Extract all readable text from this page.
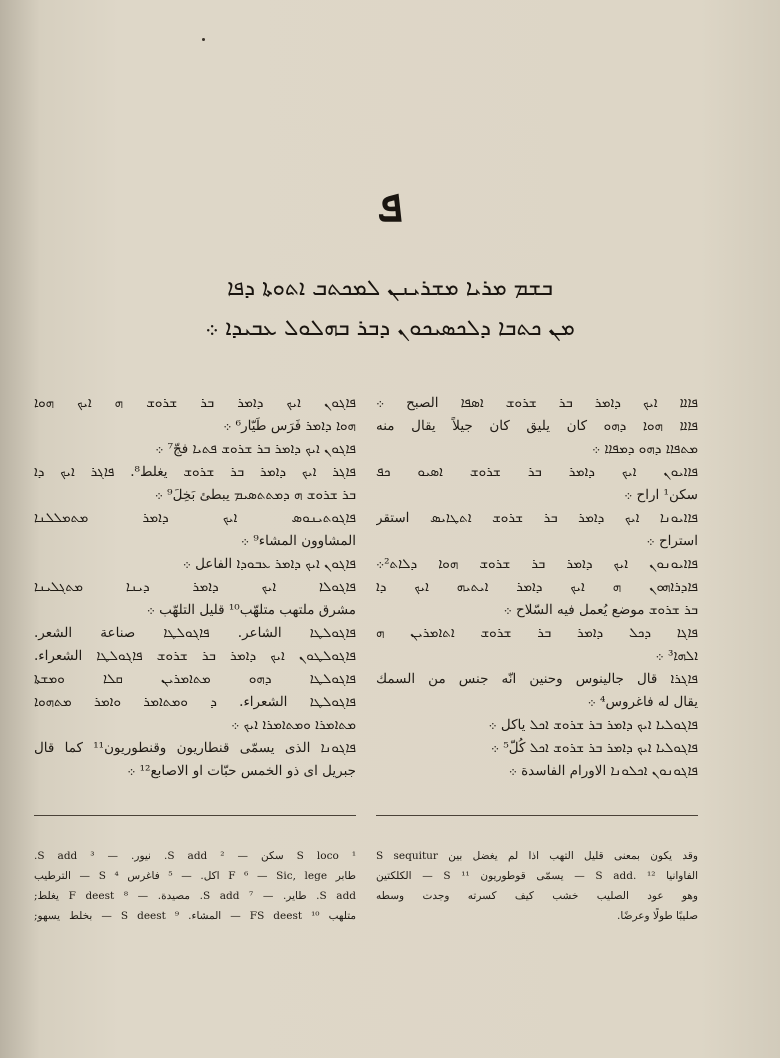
ܦ
ܒܫܡ ܡܪܝܐ ܡܫܪܝܢܢ ܠܡܟܬܒ ܐܬܘܬܐ ܕܦܐ
ܡܢ ܟܬܒܐ ܕܠܟܣܝܟܘܢ ܕܒܪ ܒܗܠܘܠ ܥܒܝܕܐ ܀
ܦܐܐܐ ܐܝܟ ܕܐܡܪ ܒܪ ܫܪܘܫ ܐܣܦܐ الصبح ܀
ܦܐܐܐ ܗܘܐ ܕܗܘ كان يليق كان جيلاً يقال منه
ܡܬܦܐܐ ܕܗܘ ܕܡܦܐܐ ܀
ܦܐܐܝܘܢ ܐܝܟ ܕܐܡܪ ܒܪ ܫܪܘܫ ܐܣܝܘ ܟܦ
سكن¹ اراح ܀
ܦܐܐܝܘܢܐ ܐܝܟ ܕܐܡܪ ܒܪ ܫܪܘܫ ܐܬܛܐܝܣ استقر
استراح ܀
ܦܐܐܝܘܢܘܢ ܐܝܟ ܕܐܡܪ ܒܪ ܫܪܘܫ ܗܘܐ ܕܠܐܬ²܀
ܦܐܕܪܐܗܘܢ ܗ ܐܝܟ ܕܐܡܪ ܐܝܬܝܗ ܐܝܟ ܕܐ
ܒܪ ܫܪܘܫ موضع يُعمل فيه السّلاح ܀
ܦܐܓܐ ܕܟܠ ܕܐܡܪ ܒܪ ܫܪܘܫ ܐܬܐܡܪܝܢ ܗ
ܐܠܗܐ³ ܀
ܦܐܓܪܐ قال جالينوس وحنين انّه جنس من السمك
يقال له فاغروس⁴ ܀
ܦܐܓܘܠܝܐ ܐܝܟ ܕܐܡܪ ܒܪ ܫܪܘܫ ܐܟܠ ياكل ܀
ܦܐܓܘܠܝܐ ܐܝܟ ܕܐܡܪ ܒܪ ܫܪܘܫ ܐܟܠ كُلّ⁵ ܀
ܦܐܓܘܢܘܢ ܐܟܠܘܢܐ الاورام الفاسدة ܀
ܦܐܓܘܢ ܐܝܟ ܕܐܡܪ ܒܪ ܫܪܘܫ ܗ ܐܝܟ ܗܘܐ
ܗܘܐ ܕܐܡܪ فَرَس طَيّار⁶ ܀
ܦܐܓܘܢ ܐܝܟ ܕܐܡܪ ܒܪ ܫܪܘܫ ܦܬܝܐ فجّ⁷ ܀
ܦܐܓܪ ܐܝܟ ܕܐܡܪ ܒܪ ܫܪܘܫ يغلط⁸. ܦܐܓܪ ܐܝܟ ܕܐ
ܒܪ ܫܪܘܫ ܗ ܕܡܬܬܣܝܡ يبطئ بَخِلَ⁹ ܀
ܦܐܓܘܬܝܢܘܣ ܐܝܟ ܕܐܡܪ ܡܬܡܠܠܢܐ
المشاوون المشاء⁹ ܀
ܦܐܓܘܢ ܐܝܟ ܕܐܡܪ ܥܒܘܕܐ الفاعل ܀
ܦܐܓܘܠܐ ܐܝܟ ܕܐܡܪ ܕܝܢܐ ܡܬܓܠܝܢܐ
مشرق ملتهب متلهّب¹⁰ قليل التلهّب ܀
ܦܐܓܘܠܛܐ الشاعر. ܦܐܓܘܠܛܐ صناعة الشعر.
ܦܐܓܘܠܛܘܢ ܐܝܟ ܕܐܡܪ ܒܪ ܫܪܘܫ ܦܐܓܘܠܛܐ الشعراء.
ܦܐܓܘܠܛܐ ܕܗܘ ܡܬܐܡܪܝܢ ܩܠܐ ܘܡܫܬܐ
ܦܐܓܘܠܛܐ الشعراء. ܕ ܘܡܬܐܡܪ ܘܐܡܪ ܡܬܗܘܐ
ܡܬܐܡܪܐ ܘܡܬܐܡܪܐ ܐܝܟ ܀
ܦܐܓܘܢܐ الذى يسمّى قنطاريون وقنطوريون¹¹ كما قال
جبريل اى ذو الخمس حبّات او الاصابع¹² ܀
وقد يكون بمعنى قليل التهب اذا لم يغضل بين S sequitur
الفاوانيا S add. ¹² — يسمّى قوطوريون S ¹¹ — الكلكتين
وهو عود الصليب خشب كيف كسرته وجدت وسطه
صليبًا طولًا وعرضًا.
¹ S loco سكن — ² S add. نيور. — ³ S add.
طابر F ⁶ — Sic, lege اكل. — ⁵ فاغرس S ⁴ — الترطيب
S add. طاير. — ⁷ S add. مصيدة. — ⁸ F deest يغلط;
متلهب FS deest ¹⁰ — المشاء. ⁹ S deest — بخلط يسهو;
